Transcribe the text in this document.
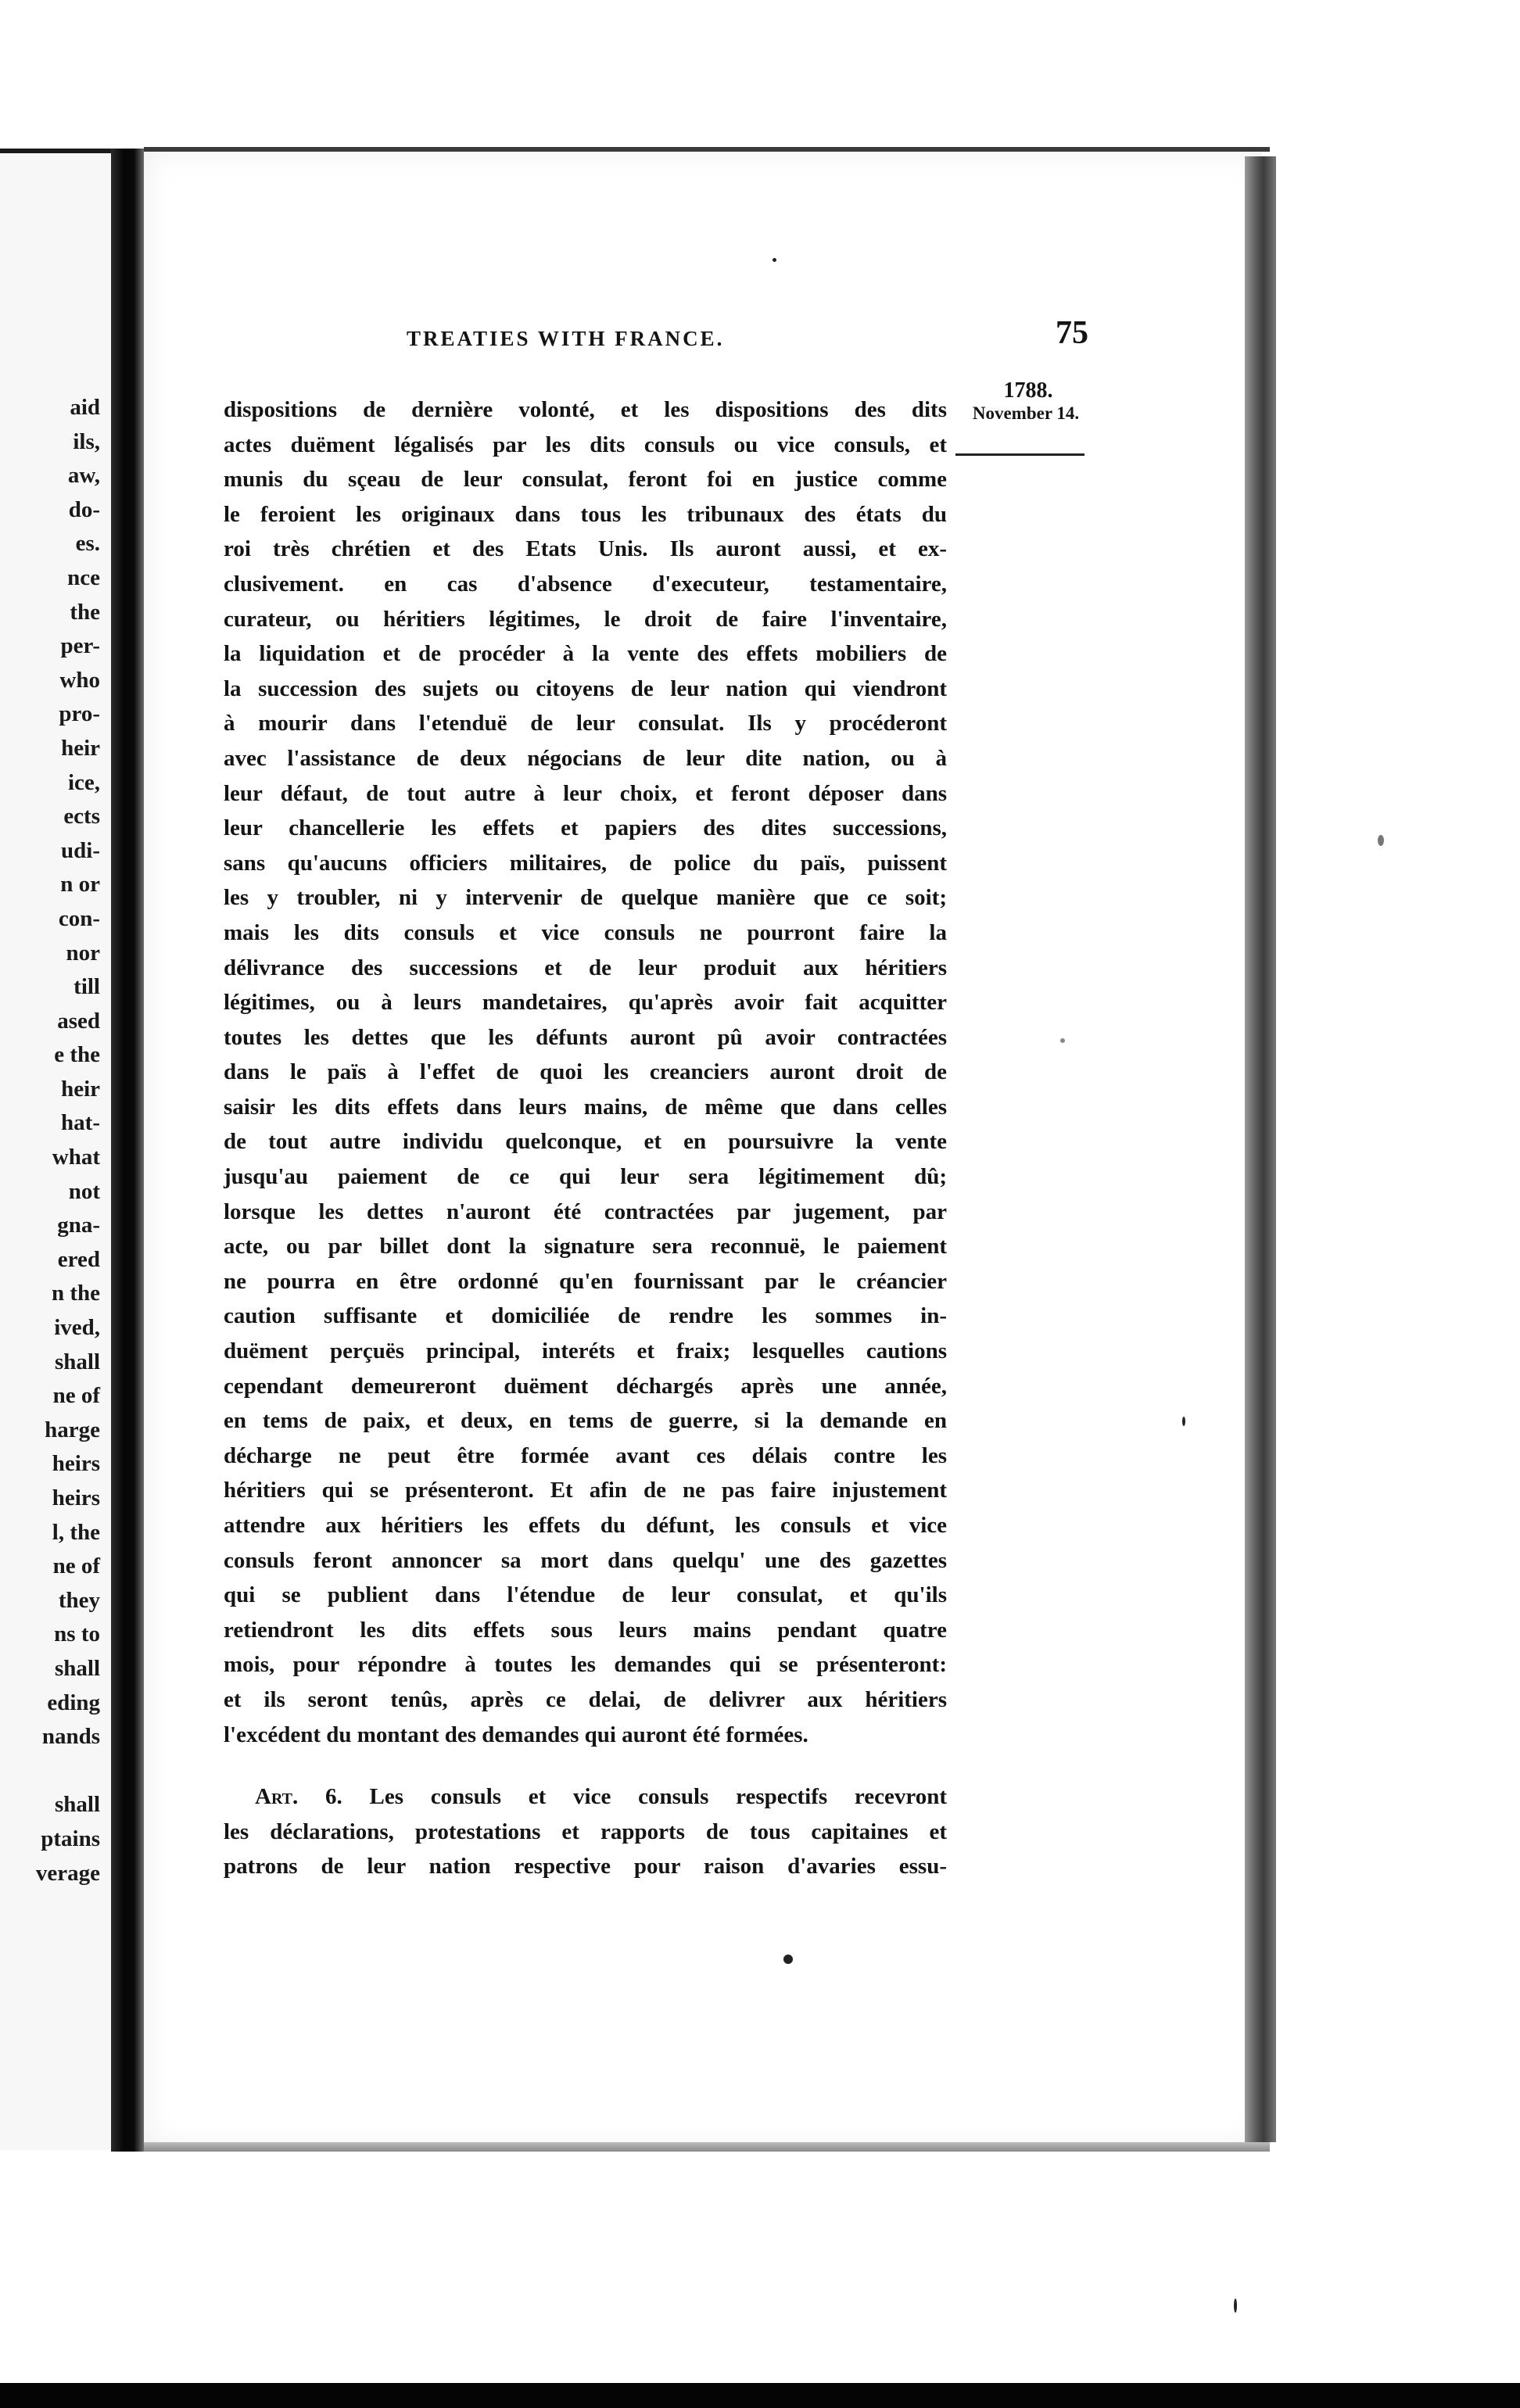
aid
ils,
aw,
do-
es.
nce
the
per-
who
pro-
heir
ice,
ects
udi-
n or
con-
nor
till
ased
e the
heir
hat-
what
not
gna-
ered
n the
ived,
shall
ne of
harge
heirs
heirs
l, the
ne of
they
ns to
shall
eding
nands

shall
ptains
verage
TREATIES WITH FRANCE.	75
1788.
November 14.
dispositions de dernière volonté, et les dispositions des dits
actes duëment légalisés par les dits consuls ou vice consuls, et
munis du sçeau de leur consulat, feront foi en justice comme
le feroient les originaux dans tous les tribunaux des états du
roi très chrétien et des Etats Unis. Ils auront aussi, et ex-
clusivement. en cas d'absence d'executeur, testamentaire,
curateur, ou héritiers légitimes, le droit de faire l'inventaire,
la liquidation et de procéder à la vente des effets mobiliers de
la succession des sujets ou citoyens de leur nation qui viendront
à mourir dans l'etenduë de leur consulat. Ils y procéderont
avec l'assistance de deux négocians de leur dite nation, ou à
leur défaut, de tout autre à leur choix, et feront déposer dans
leur chancellerie les effets et papiers des dites successions,
sans qu'aucuns officiers militaires, de police du païs, puissent
les y troubler, ni y intervenir de quelque manière que ce soit;
mais les dits consuls et vice consuls ne pourront faire la
délivrance des successions et de leur produit aux héritiers
légitimes, ou à leurs mandetaires, qu'après avoir fait acquitter
toutes les dettes que les défunts auront pû avoir contractées
dans le païs à l'effet de quoi les creanciers auront droit de
saisir les dits effets dans leurs mains, de même que dans celles
de tout autre individu quelconque, et en poursuivre la vente
jusqu'au paiement de ce qui leur sera légitimement dû;
lorsque les dettes n'auront été contractées par jugement, par
acte, ou par billet dont la signature sera reconnuë, le paiement
ne pourra en être ordonné qu'en fournissant par le créancier
caution suffisante et domiciliée de rendre les sommes in-
duëment perçuës principal, interéts et fraix; lesquelles cautions
cependant demeureront duëment déchargés après une année,
en tems de paix, et deux, en tems de guerre, si la demande en
décharge ne peut être formée avant ces délais contre les
héritiers qui se présenteront. Et afin de ne pas faire injustement
attendre aux héritiers les effets du défunt, les consuls et vice
consuls feront annoncer sa mort dans quelqu' une des gazettes
qui se publient dans l'étendue de leur consulat, et qu'ils
retiendront les dits effets sous leurs mains pendant quatre
mois, pour répondre à toutes les demandes qui se présenteront:
et ils seront tenûs, après ce delai, de delivrer aux héritiers
l'excédent du montant des demandes qui auront été formées.
Art. 6. Les consuls et vice consuls respectifs recevront
les déclarations, protestations et rapports de tous capitaines et
patrons de leur nation respective pour raison d'avaries essu-
